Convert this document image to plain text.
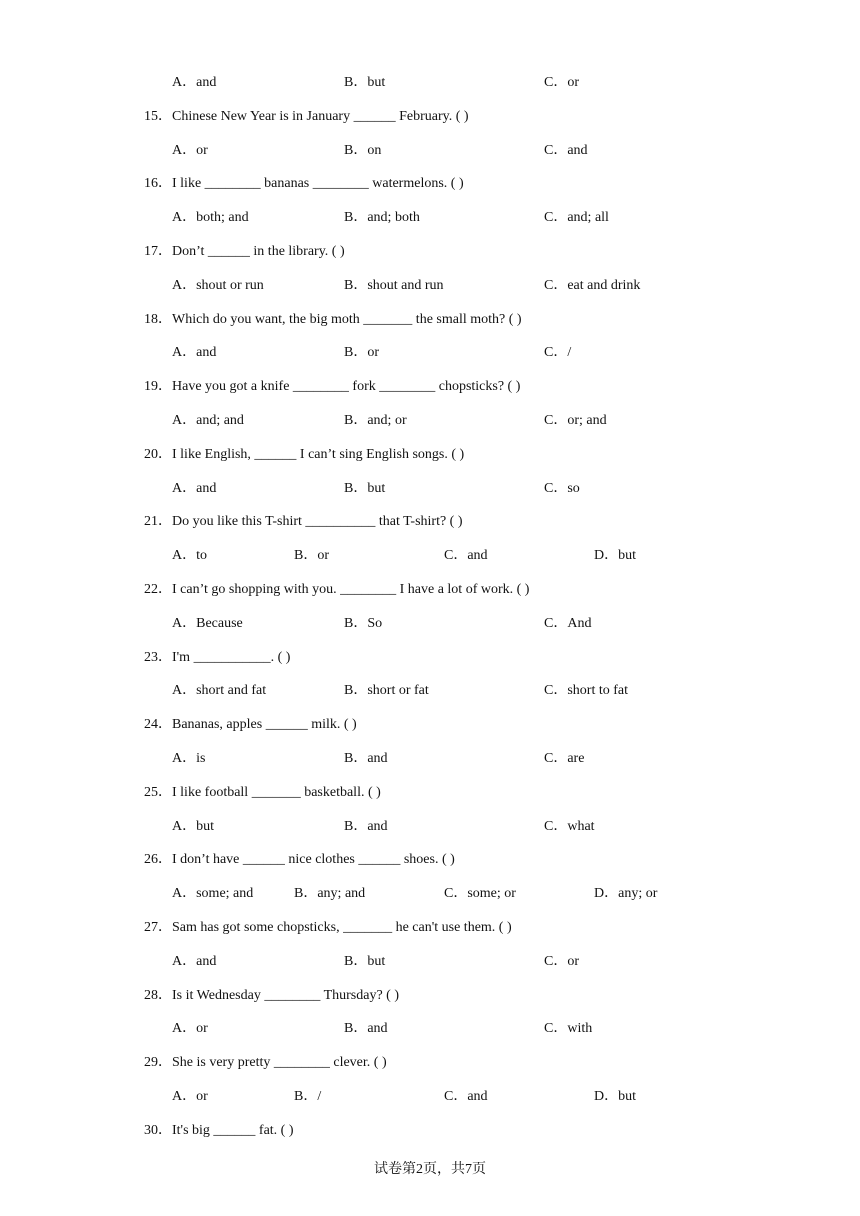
A．and	B．but	C．or
15．Chinese New Year is in January ______ February. ( )
A．or	B．on	C．and
16．I like ________ bananas ________ watermelons. ( )
A．both; and	B．and; both	C．and; all
17．Don’t ______ in the library. ( )
A．shout or run	B．shout and run	C．eat and drink
18．Which do you want, the big moth _______ the small moth? ( )
A．and	B．or	C．/
19．Have you got a knife ________ fork ________ chopsticks? ( )
A．and; and	B．and; or	C．or; and
20．I like English, ______ I can’t sing English songs. ( )
A．and	B．but	C．so
21．Do you like this T-shirt __________ that T-shirt? ( )
A．to	B．or	C．and	D．but
22．I can’t go shopping with you. ________ I have a lot of work. ( )
A．Because	B．So	C．And
23．I'm ___________. ( )
A．short and fat	B．short or fat	C．short to fat
24．Bananas, apples ______ milk. ( )
A．is	B．and	C．are
25．I like football _______ basketball. ( )
A．but	B．and	C．what
26．I don’t have ______ nice clothes ______ shoes. ( )
A．some; and	B．any; and	C．some; or	D．any; or
27．Sam has got some chopsticks, _______ he can't use them. ( )
A．and	B．but	C．or
28．Is it Wednesday ________ Thursday? ( )
A．or	B．and	C．with
29．She is very pretty ________ clever. ( )
A．or	B．/	C．and	D．but
30．It's big ______ fat. ( )
试卷第2页，共7页
